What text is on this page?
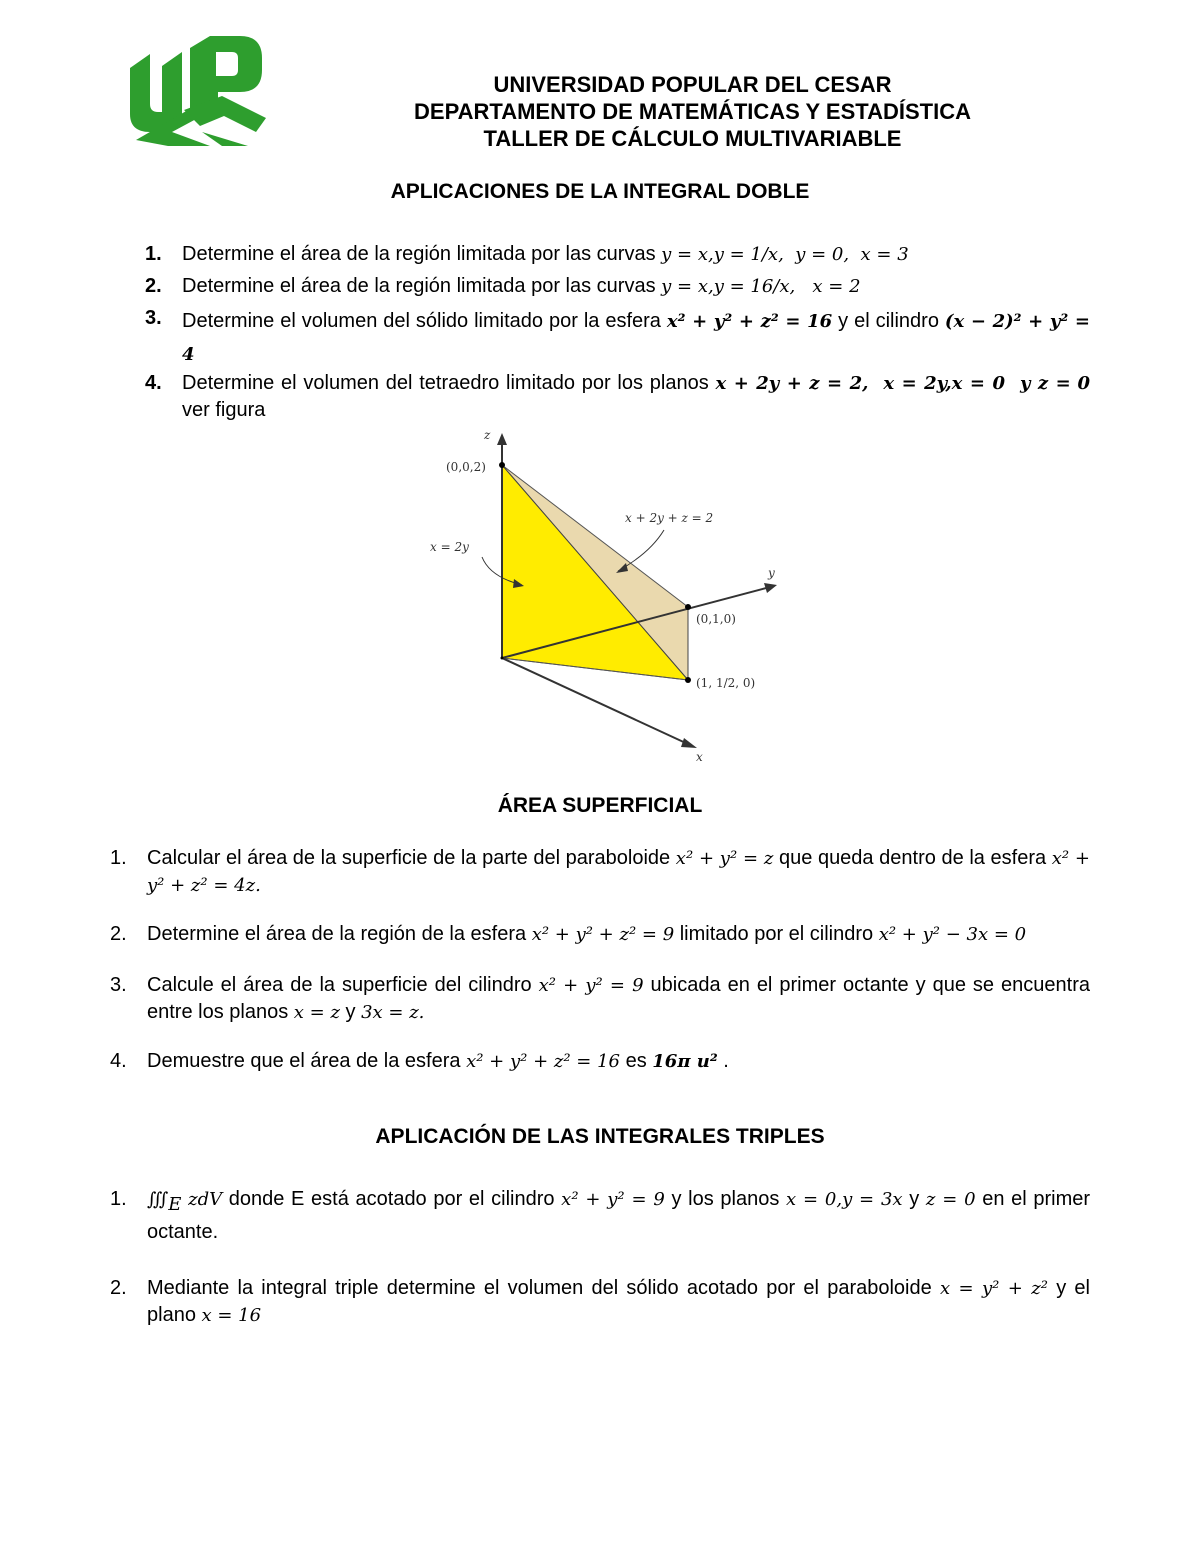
UNIVERSIDAD POPULAR DEL CESAR
DEPARTAMENTO DE MATEMÁTICAS Y ESTADÍSTICA
TALLER DE CÁLCULO MULTIVARIABLE
APLICACIONES DE LA INTEGRAL DOBLE
1.	Determine el área de la región limitada por las curvas y = x,y = 1/x,  y = 0,  x = 3
2.	Determine el área de la región limitada por las curvas y = x,y = 16/x,   x = 2
3.	Determine el volumen del sólido limitado por la esfera x² + y² + z² = 16 y el cilindro (x − 2)² + y² = 4
4.	Determine el volumen del tetraedro limitado por los planos x + 2y + z = 2,  x = 2y,x = 0  y z = 0 ver figura
z
y
x
(0,0,2)
(0,1,0)
(1, 1/2, 0)
x + 2y + z = 2
x = 2y
ÁREA SUPERFICIAL
1.	Calcular el área de la superficie de la parte del paraboloide x² + y² = z que queda dentro de la esfera x² + y² + z² = 4z.
2.	Determine el área de la región de la esfera x² + y² + z² = 9 limitado por el cilindro x² + y² − 3x = 0
3.	Calcule el área de la superficie del cilindro x² + y² = 9 ubicada en el primer octante y que se encuentra entre los planos x = z y 3x = z.
4.	Demuestre que el área de la esfera x² + y² + z² = 16 es 16π u² .
APLICACIÓN DE LAS INTEGRALES TRIPLES
1.	$∭_E$ zdV donde E está acotado por el cilindro x² + y² = 9 y los planos x = 0,y = 3x y z = 0 en el primer octante.
2.	Mediante la integral triple determine el volumen del sólido acotado por el paraboloide x = y² + z² y el plano x = 16
